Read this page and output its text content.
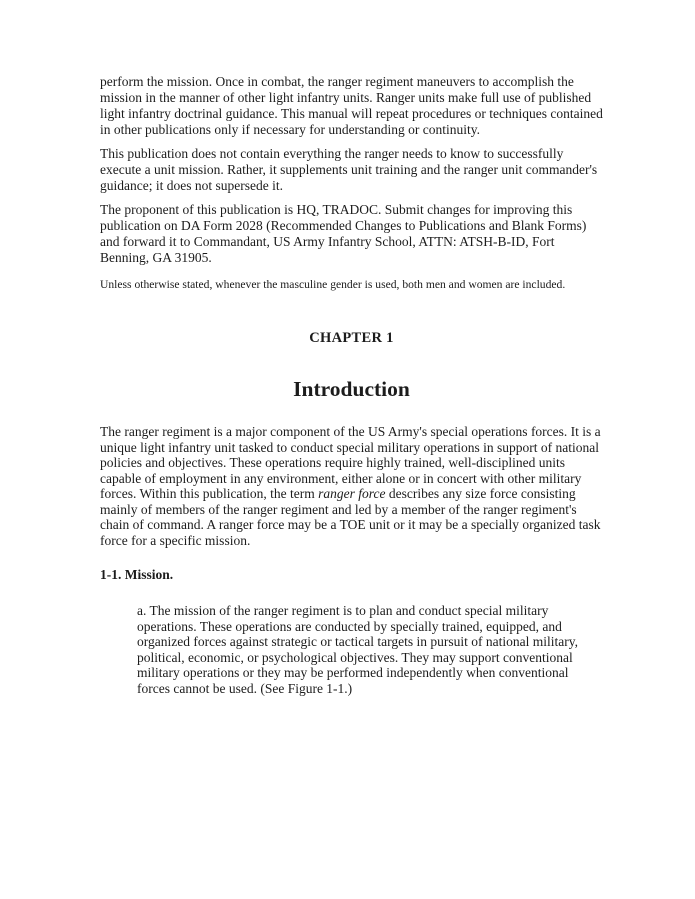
perform the mission. Once in combat, the ranger regiment maneuvers to accomplish the mission in the manner of other light infantry units. Ranger units make full use of published light infantry doctrinal guidance. This manual will repeat procedures or techniques contained in other publications only if necessary for understanding or continuity.

This publication does not contain everything the ranger needs to know to successfully execute a unit mission. Rather, it supplements unit training and the ranger unit commander's guidance; it does not supersede it.

The proponent of this publication is HQ, TRADOC. Submit changes for improving this publication on DA Form 2028 (Recommended Changes to Publications and Blank Forms) and forward it to Commandant, US Army Infantry School, ATTN: ATSH-B-ID, Fort Benning, GA 31905.

Unless otherwise stated, whenever the masculine gender is used, both men and women are included.

CHAPTER 1
Introduction

The ranger regiment is a major component of the US Army's special operations forces. It is a unique light infantry unit tasked to conduct special military operations in support of national policies and objectives. These operations require highly trained, well-disciplined units capable of employment in any environment, either alone or in concert with other military forces. Within this publication, the term ranger force describes any size force consisting mainly of members of the ranger regiment and led by a member of the ranger regiment's chain of command. A ranger force may be a TOE unit or it may be a specially organized task force for a specific mission.

1-1. Mission.

a. The mission of the ranger regiment is to plan and conduct special military operations. These operations are conducted by specially trained, equipped, and organized forces against strategic or tactical targets in pursuit of national military, political, economic, or psychological objectives. They may support conventional military operations or they may be performed independently when conventional forces cannot be used. (See Figure 1-1.)
